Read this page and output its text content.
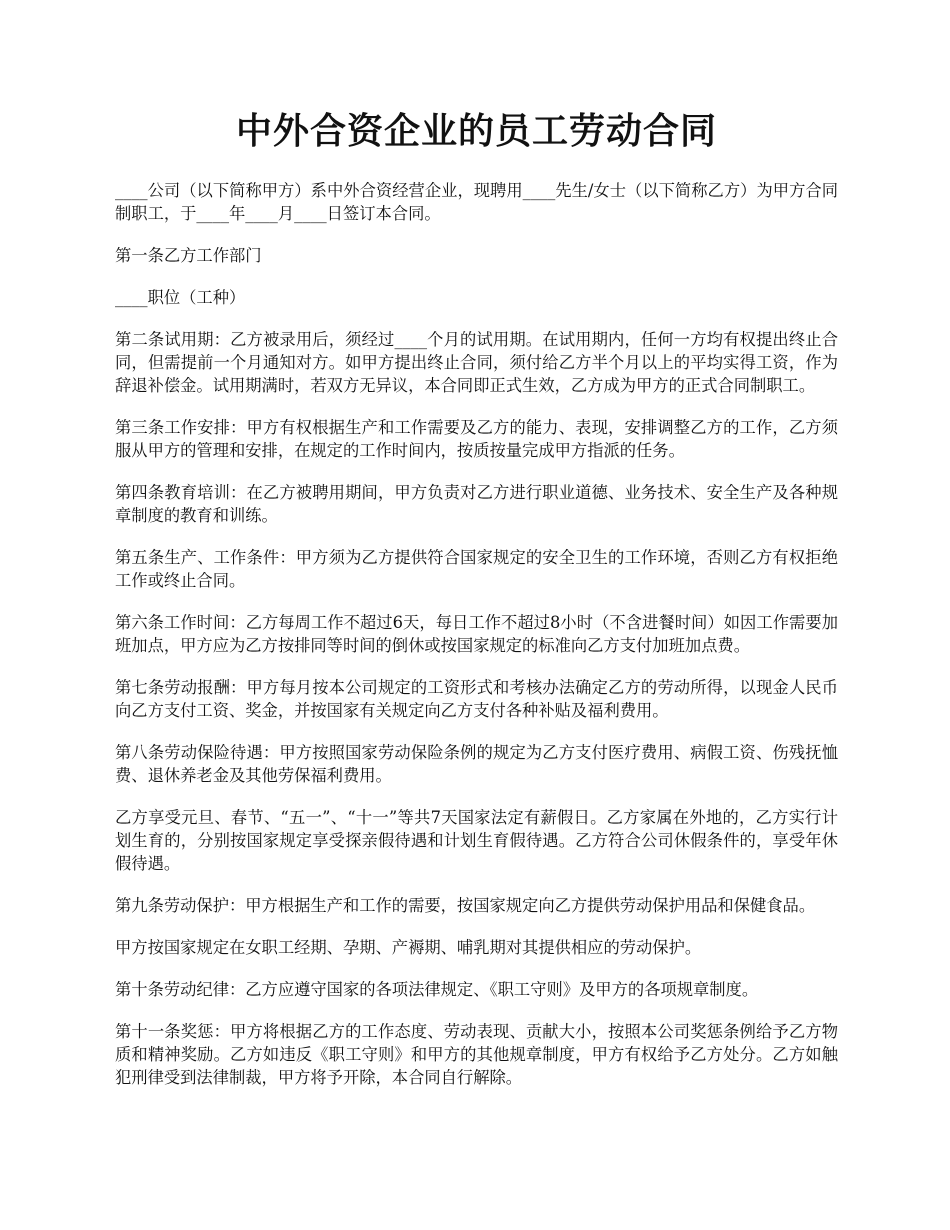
中外合资企业的员工劳动合同

____公司（以下简称甲方）系中外合资经营企业，现聘用____先生/女士（以下简称乙方）为甲方合同制职工，于____年____月____日签订本合同。

第一条乙方工作部门

____职位（工种）

第二条试用期：乙方被录用后，须经过____个月的试用期。在试用期内，任何一方均有权提出终止合同，但需提前一个月通知对方。如甲方提出终止合同，须付给乙方半个月以上的平均实得工资，作为辞退补偿金。试用期满时，若双方无异议，本合同即正式生效，乙方成为甲方的正式合同制职工。

第三条工作安排：甲方有权根据生产和工作需要及乙方的能力、表现，安排调整乙方的工作，乙方须服从甲方的管理和安排，在规定的工作时间内，按质按量完成甲方指派的任务。

第四条教育培训：在乙方被聘用期间，甲方负责对乙方进行职业道德、业务技术、安全生产及各种规章制度的教育和训练。

第五条生产、工作条件：甲方须为乙方提供符合国家规定的安全卫生的工作环境，否则乙方有权拒绝工作或终止合同。

第六条工作时间：乙方每周工作不超过6天，每日工作不超过8小时（不含进餐时间）如因工作需要加班加点，甲方应为乙方按排同等时间的倒休或按国家规定的标准向乙方支付加班加点费。

第七条劳动报酬：甲方每月按本公司规定的工资形式和考核办法确定乙方的劳动所得，以现金人民币向乙方支付工资、奖金，并按国家有关规定向乙方支付各种补贴及福利费用。

第八条劳动保险待遇：甲方按照国家劳动保险条例的规定为乙方支付医疗费用、病假工资、伤残抚恤费、退休养老金及其他劳保福利费用。

乙方享受元旦、春节、“五一”、“十一”等共7天国家法定有薪假日。乙方家属在外地的，乙方实行计划生育的，分别按国家规定享受探亲假待遇和计划生育假待遇。乙方符合公司休假条件的，享受年休假待遇。

第九条劳动保护：甲方根据生产和工作的需要，按国家规定向乙方提供劳动保护用品和保健食品。

甲方按国家规定在女职工经期、孕期、产褥期、哺乳期对其提供相应的劳动保护。

第十条劳动纪律：乙方应遵守国家的各项法律规定、《职工守则》及甲方的各项规章制度。

第十一条奖惩：甲方将根据乙方的工作态度、劳动表现、贡献大小，按照本公司奖惩条例给予乙方物质和精神奖励。乙方如违反《职工守则》和甲方的其他规章制度，甲方有权给予乙方处分。乙方如触犯刑律受到法律制裁，甲方将予开除，本合同自行解除。
